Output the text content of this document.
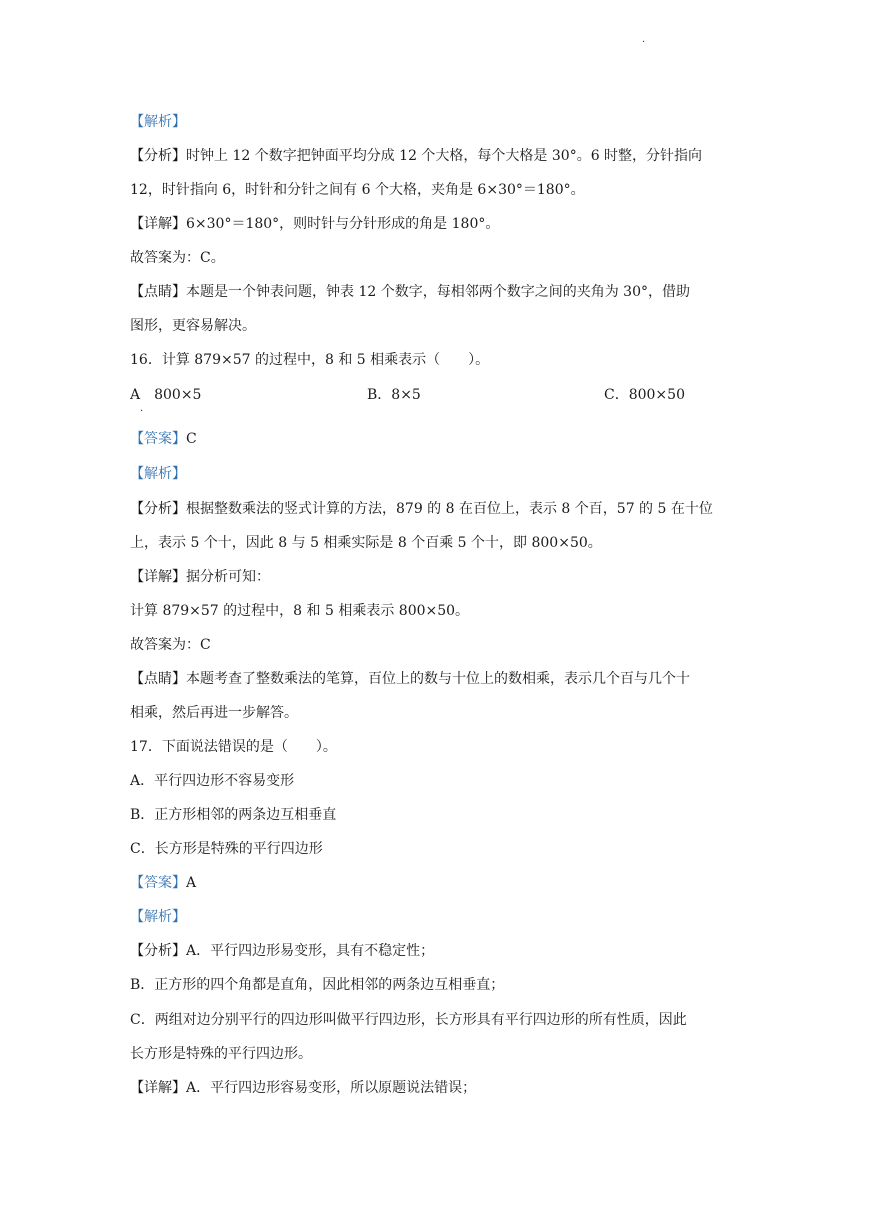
.
【解析】
【分析】时钟上 12 个数字把钟面平均分成 12 个大格，每个大格是 30°。6 时整，分针指向
12，时针指向 6，时针和分针之间有 6 个大格，夹角是 6×30°＝180°。
【详解】6×30°＝180°，则时针与分针形成的角是 180°。
故答案为：C。
【点睛】本题是一个钟表问题，钟表 12 个数字，每相邻两个数字之间的夹角为 30°，借助
图形，更容易解决。
16．计算 879×57 的过程中，8 和 5 相乘表示（　　）。
A　800×5
.
B．8×5	C．800×50
【答案】C
【解析】
【分析】根据整数乘法的竖式计算的方法，879 的 8 在百位上，表示 8 个百，57 的 5 在十位
上，表示 5 个十，因此 8 与 5 相乘实际是 8 个百乘 5 个十，即 800×50。
【详解】据分析可知：
计算 879×57 的过程中，8 和 5 相乘表示 800×50。
故答案为：C
【点睛】本题考查了整数乘法的笔算，百位上的数与十位上的数相乘，表示几个百与几个十
相乘，然后再进一步解答。
17．下面说法错误的是（　　）。
A．平行四边形不容易变形
B．正方形相邻的两条边互相垂直
C．长方形是特殊的平行四边形
【答案】A
【解析】
【分析】A．平行四边形易变形，具有不稳定性；
B．正方形的四个角都是直角，因此相邻的两条边互相垂直；
C．两组对边分别平行的四边形叫做平行四边形，长方形具有平行四边形的所有性质，因此
长方形是特殊的平行四边形。
【详解】A．平行四边形容易变形，所以原题说法错误；
